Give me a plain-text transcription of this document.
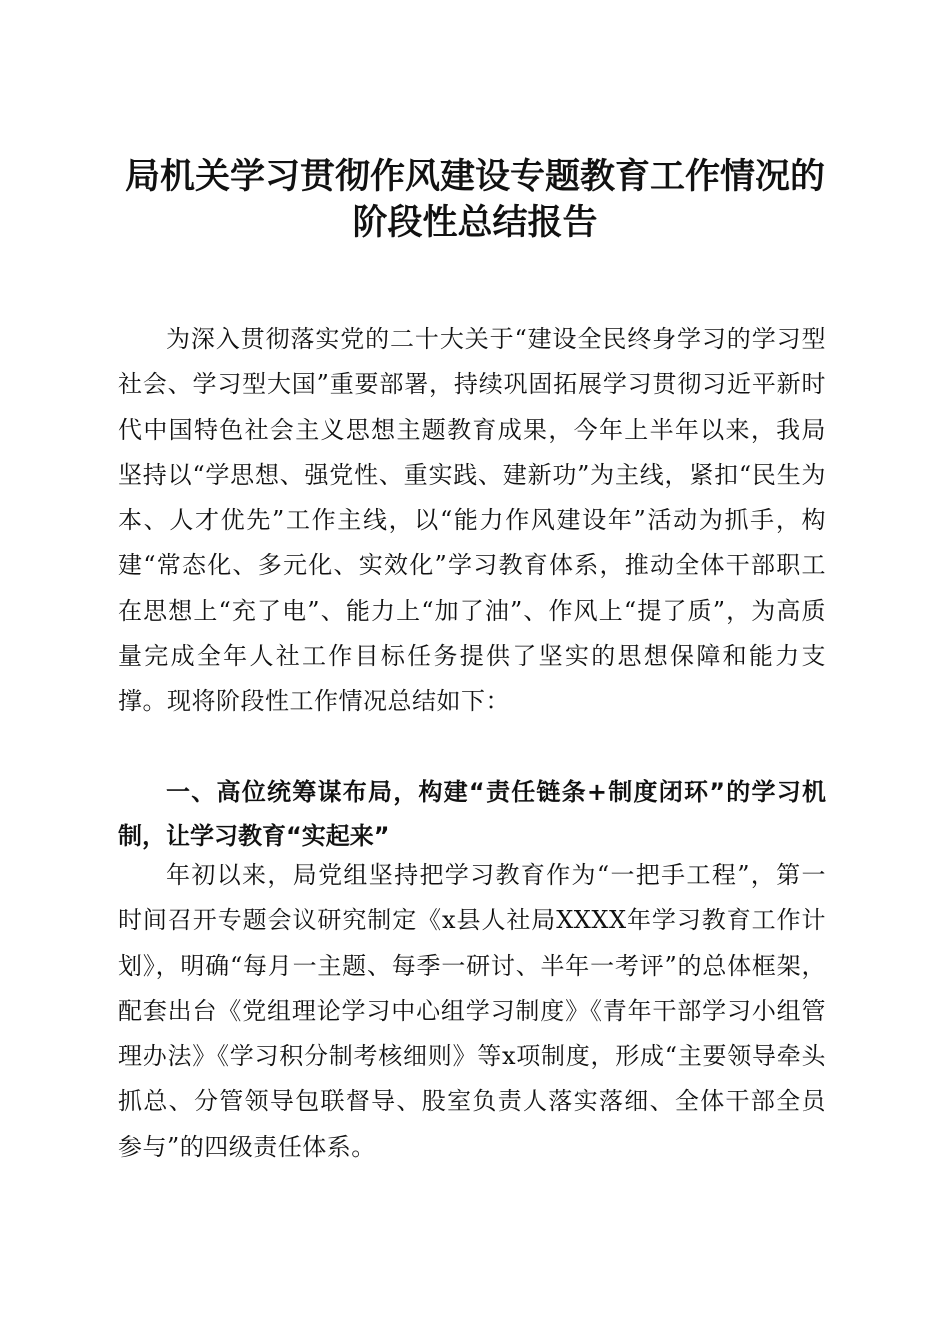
局机关学习贯彻作风建设专题教育工作情况的
阶段性总结报告

为深入贯彻落实党的二十大关于“建设全民终身学习的学习型社会、学习型大国”重要部署，持续巩固拓展学习贯彻习近平新时代中国特色社会主义思想主题教育成果，今年上半年以来，我局坚持以“学思想、强党性、重实践、建新功”为主线，紧扣“民生为本、人才优先”工作主线，以“能力作风建设年”活动为抓手，构建“常态化、多元化、实效化”学习教育体系，推动全体干部职工在思想上“充了电”、能力上“加了油”、作风上“提了质”，为高质量完成全年人社工作目标任务提供了坚实的思想保障和能力支撑。现将阶段性工作情况总结如下：

一、高位统筹谋布局，构建“责任链条+制度闭环”的学习机制，让学习教育“实起来”

年初以来，局党组坚持把学习教育作为“一把手工程”，第一时间召开专题会议研究制定《x县人社局XXXX年学习教育工作计划》，明确“每月一主题、每季一研讨、半年一考评”的总体框架，配套出台《党组理论学习中心组学习制度》《青年干部学习小组管理办法》《学习积分制考核细则》等x项制度，形成“主要领导牵头抓总、分管领导包联督导、股室负责人落实落细、全体干部全员参与”的四级责任体系。
